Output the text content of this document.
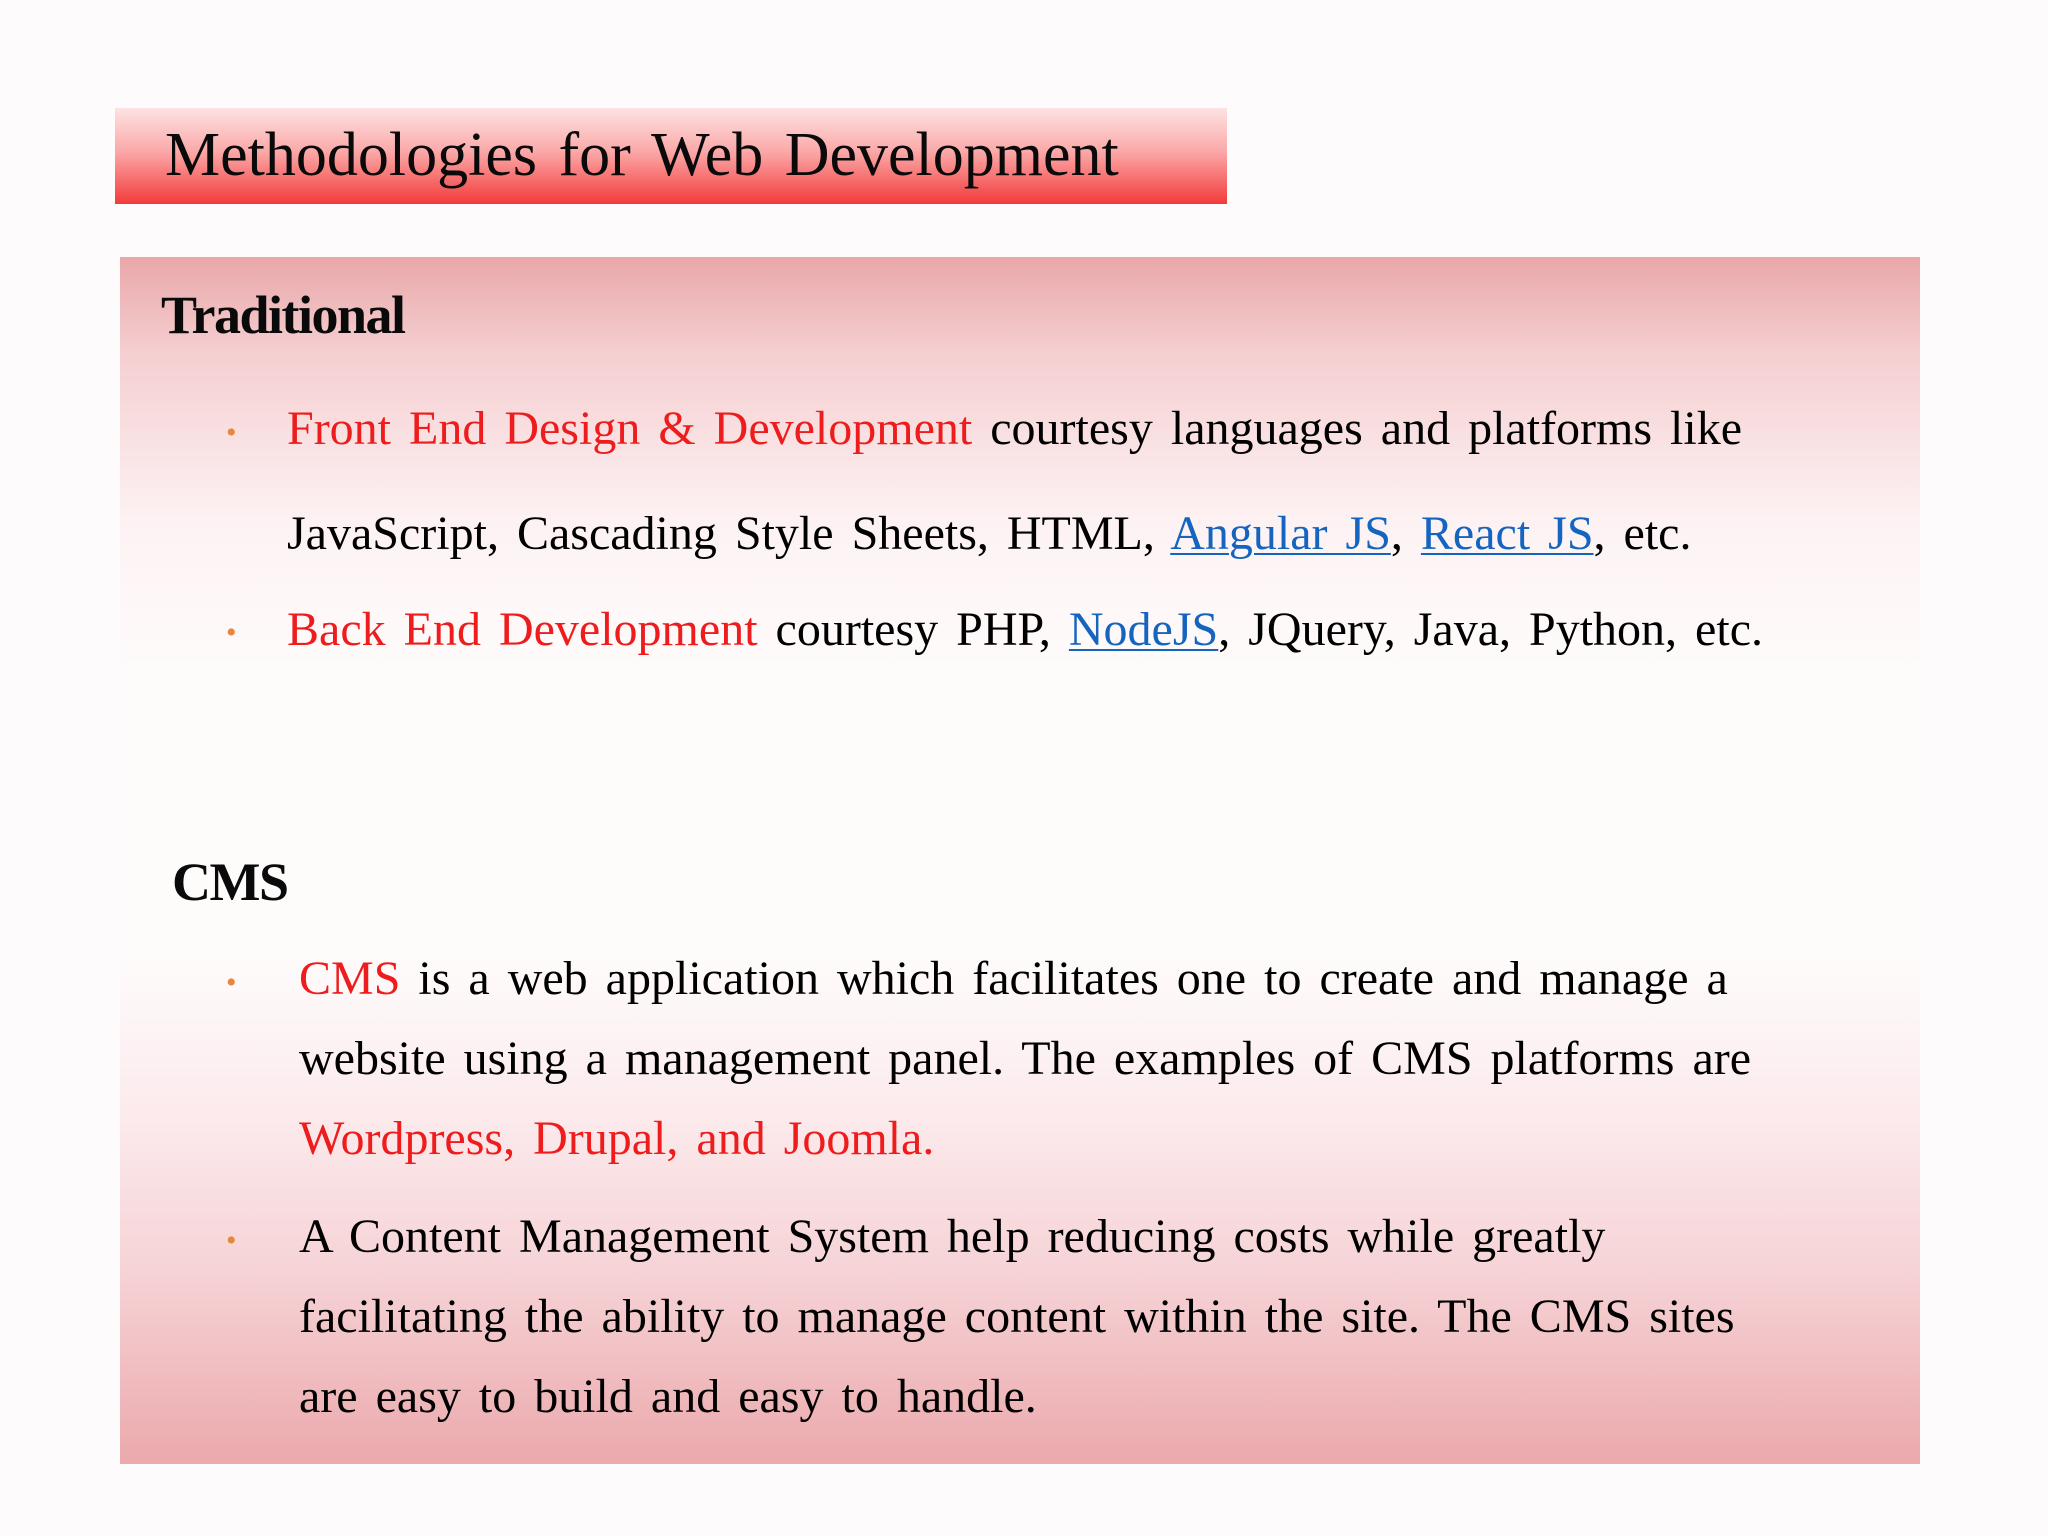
Methodologies for Web Development
Traditional
• Front End Design & Development courtesy languages and platforms like
JavaScript, Cascading Style Sheets, HTML, Angular JS, React JS, etc.
• Back End Development courtesy PHP, NodeJS, JQuery, Java, Python, etc.
CMS
• CMS is a web application which facilitates one to create and manage a
website using a management panel. The examples of CMS platforms are
Wordpress, Drupal, and Joomla.
• A Content Management System help reducing costs while greatly
facilitating the ability to manage content within the site. The CMS sites
are easy to build and easy to handle.
